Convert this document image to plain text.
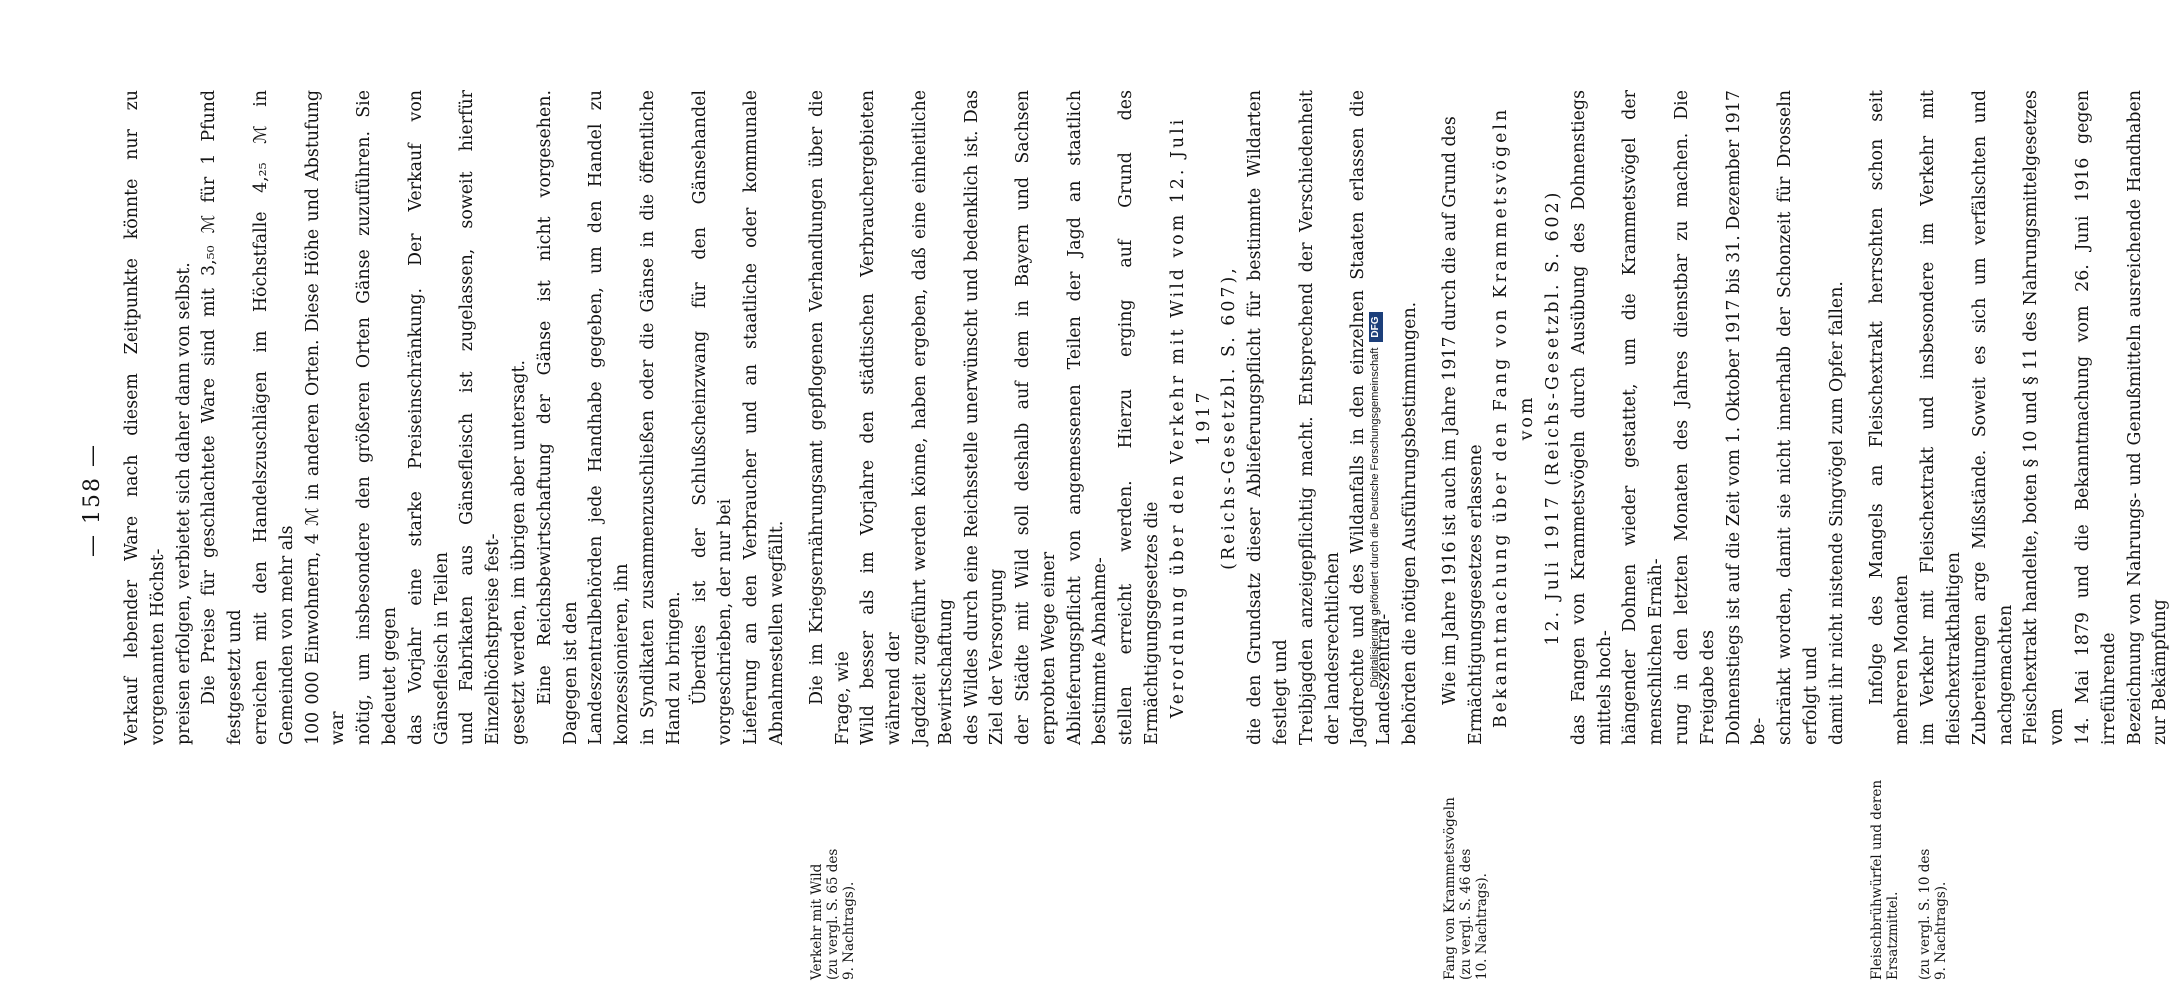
— 158 —

Verkauf lebender Ware nach diesem Zeitpunkte könnte nur zu vorgenannten Höchst-
preisen erfolgen, verbietet sich daher dann von selbst.

Die Preise für geschlachtete Ware sind mit 3,₅₀ ℳ für 1 Pfund festgesetzt und
erreichen mit den Handelszuschlägen im Höchstfalle 4,₂₅ ℳ in Gemeinden von mehr als
100 000 Einwohnern, 4 ℳ in anderen Orten. Diese Höhe und Abstufung war
nötig, um insbesondere den größeren Orten Gänse zuzuführen. Sie bedeutet gegen
das Vorjahr eine starke Preiseinschränkung. Der Verkauf von Gänsefleisch in Teilen
und Fabrikaten aus Gänsefleisch ist zugelassen, soweit hierfür Einzelhöchstpreise fest-
gesetzt werden, im übrigen aber untersagt.

Eine Reichsbewirtschaftung der Gänse ist nicht vorgesehen. Dagegen ist den
Landeszentralbehörden jede Handhabe gegeben, um den Handel zu konzessionieren, ihn
in Syndikaten zusammenzuschließen oder die Gänse in die öffentliche Hand zu bringen. Überdies ist der Schlußscheinzwang für den Gänsehandel vorgeschrieben, der nur bei
Lieferung an den Verbraucher und an staatliche oder kommunale Abnahmestellen wegfällt.

Verkehr mit Wild
(zu vergl. S. 65 des
9. Nachtrags).

Die im Kriegsernährungsamt gepflogenen Verhandlungen über die Frage, wie
Wild besser als im Vorjahre den städtischen Verbrauchergebieten während der
Jagdzeit zugeführt werden könne, haben ergeben, daß eine einheitliche Bewirtschaftung
des Wildes durch eine Reichsstelle unerwünscht und bedenklich ist. Das Ziel der Versorgung
der Städte mit Wild soll deshalb auf dem in Bayern und Sachsen erprobten Wege einer
Ablieferungspflicht von angemessenen Teilen der Jagd an staatlich bestimmte Abnahme-
stellen erreicht werden. Hierzu erging auf Grund des Ermächtigungsgesetzes die

Verordnung über den Verkehr mit Wild vom 12. Juli 1917
(Reichs-Gesetzbl. S. 607),

die den Grundsatz dieser Ablieferungspflicht für bestimmte Wildarten festlegt und
Treibjagden anzeigepflichtig macht. Entsprechend der Verschiedenheit der landesrechtlichen
Jagdrechte und des Wildanfalls in den einzelnen Staaten erlassen die Landeszentral-
behörden die nötigen Ausführungsbestimmungen.

Fang von Krammetsvögeln
(zu vergl. S. 46 des
10. Nachtrags).

Wie im Jahre 1916 ist auch im Jahre 1917 durch die auf Grund des
Ermächtigungsgesetzes erlassene

Bekanntmachung über den Fang von Krammetsvögeln vom
12. Juli 1917 (Reichs-Gesetzbl. S. 602)

das Fangen von Krammetsvögeln durch Ausübung des Dohnenstiegs mittels hoch-
hängender Dohnen wieder gestattet, um die Krammetsvögel der menschlichen Ernäh-
rung in den letzten Monaten des Jahres dienstbar zu machen. Die Freigabe des
Dohnenstiegs ist auf die Zeit vom 1. Oktober 1917 bis 31. Dezember 1917 be-
schränkt worden, damit sie nicht innerhalb der Schonzeit für Drosseln erfolgt und
damit ihr nicht nistende Singvögel zum Opfer fallen.

Fleischbrühwürfel und deren
Ersatzmittel.

(zu vergl. S. 10 des
9. Nachtrags).

Infolge des Mangels an Fleischextrakt herrschten schon seit mehreren Monaten
im Verkehr mit Fleischextrakt und insbesondere im Verkehr mit fleischextrakthaltigen
Zubereitungen arge Mißstände. Soweit es sich um verfälschten und nachgemachten
Fleischextrakt handelte, boten § 10 und § 11 des Nahrungsmittelgesetzes vom
14. Mai 1879 und die Bekanntmachung vom 26. Juni 1916 gegen irreführende
Bezeichnung von Nahrungs- und Genußmitteln ausreichende Handhaben zur Bekämpfung

Digitalisierung gefördert durch die Deutsche ForschungsgemeinschaftDFG
